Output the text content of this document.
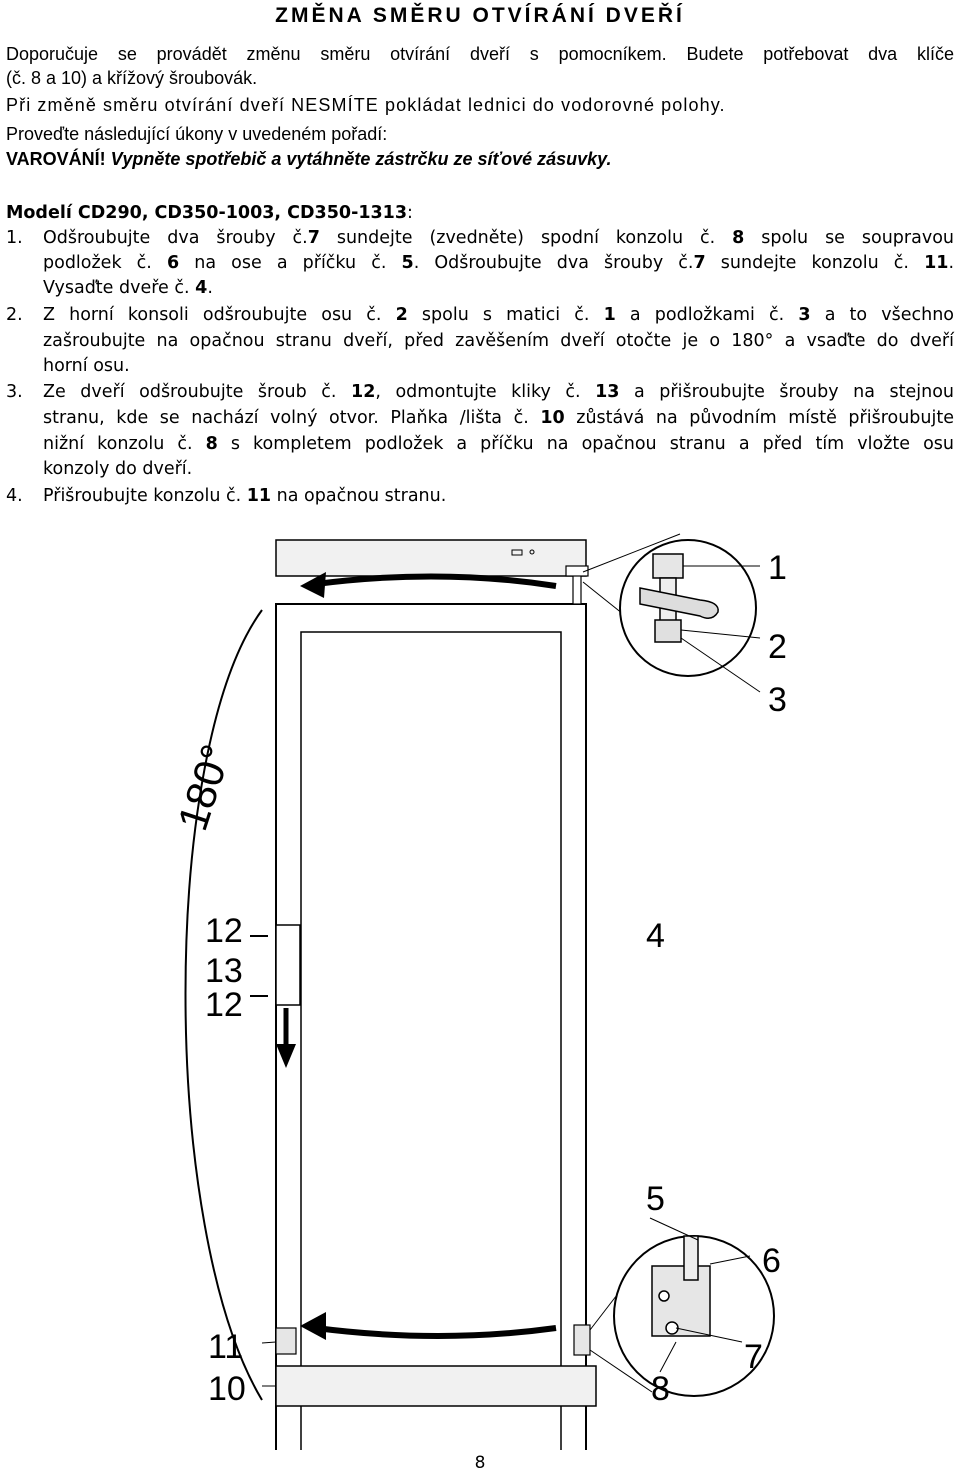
ZMĚNA SMĚRU OTVÍRÁNÍ DVEŘÍ
Doporučuje se provádět změnu směru otvírání dveří s pomocníkem. Budete potřebovat dva klíče
(č. 8 a 10) a křížový šroubovák.
Při změně směru otvírání dveří NESMÍTE pokládat lednici do vodorovné polohy.
Proveďte následující úkony v uvedeném pořadí:
VAROVÁNÍ! Vypněte spotřebič a vytáhněte zástrčku ze síťové zásuvky.
Modelí CD290, CD350-1003, CD350-1313:
1. Odšroubujte dva šrouby č.7 sundejte (zvedněte) spodní konzolu č. 8 spolu se soupravou
podložek č. 6 na ose a příčku č. 5. Odšroubujte dva šrouby č.7 sundejte konzolu č. 11.
Vysaďte dveře č. 4.
2. Z horní konsoli odšroubujte osu č. 2 spolu s matici č. 1 a podložkami č. 3 a to všechno
zašroubujte na opačnou stranu dveří, před zavěšením dveří otočte je o 180° a vsaďte do dveří
horní osu.
3. Ze dveří odšroubujte šroub č. 12, odmontujte kliky č. 13 a přišroubujte šrouby na stejnou
stranu, kde se nachází volný otvor. Plaňka /lišta č. 10 zůstává na původním místě přišroubujte
nižní konzolu č. 8 s kompletem podložek a příčku na opačnou stranu a před tím vložte osu
konzoly do dveří.
4. Přišroubujte konzolu č. 11 na opačnou stranu.
180°
1
2
3
4
5
6
7
8
10
11
12
13
12
8
